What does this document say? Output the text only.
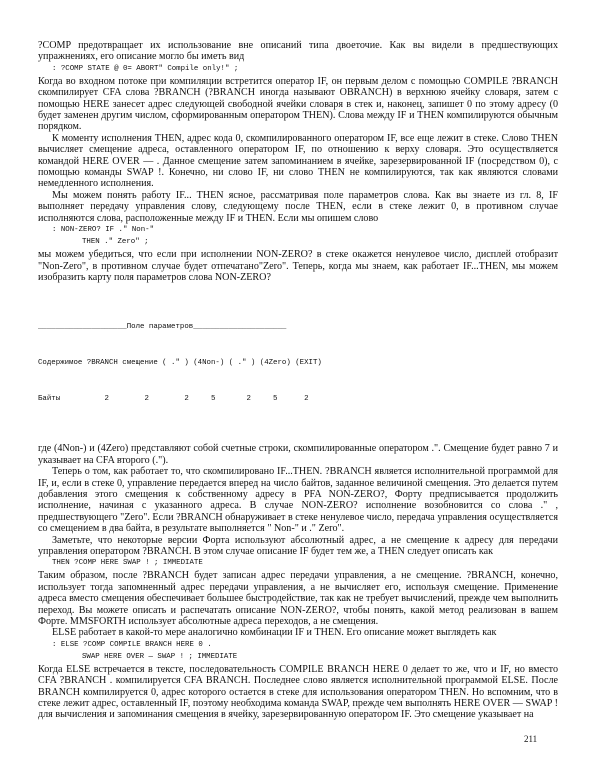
?COMP предотвращает их использование вне описаний типа двоеточие. Как вы видели в предшествующих упражнениях, его описание могло бы иметь вид

: ?COMP STATE @ 0= ABORT" Compile only!" ;

Когда во входном потоке при компиляции встретится оператор IF, он первым делом с помощью COMPILE ?BRANCH скомпилирует CFA слова ?BRANCH (?BRANCH иногда называют OBRANCH) в верхнюю ячейку словаря, затем с помощью HERE занесет адрес следующей свободной ячейки словаря в стек и, наконец, запишет 0 по этому адресу (0 будет заменен другим числом, сформированным оператором THEN). Слова между IF и THEN компилируются обычным порядком.

К моменту исполнения THEN, адрес кода 0, скомпилированного оператором IF, все еще лежит в стеке. Слово THEN вычисляет смещение адреса, оставленного оператором IF, по отношению к верху словаря. Это осуществляется командой HERE OVER — . Данное смещение затем запоминанием в ячейке, зарезервированной IF (посредством 0), с помощью команды SWAP !. Конечно, ни слово IF, ни слово THEN не компилируются, так как являются словами немедленного исполнения.

Мы можем понять работу IF... THEN ясное, рассматривая поле параметров слова. Как вы знаете из гл. 8, IF выполняет передачу управления слову, следующему после THEN, если в стеке лежит 0, в противном случае исполняются слова, расположенные между IF и THEN. Если мы опишем слово

: NON-ZERO? IF ." Non-"
THEN ." Zero" ;

мы можем убедиться, что если при исполнении NON-ZERO? в стеке окажется ненулевое число, дисплей отобразит "Non-Zero", в противном случае будет отпечатано"Zero". Теперь, когда мы знаем, как работает IF...THEN, мы можем изобразить карту поля параметров слова NON-ZERO?

____________________Поле параметров_____________________

Содержимое ?BRANCH смещение ( ." ) (4Non-) ( ." ) (4Zero) (EXIT)

Байты          2        2        2     5       2     5      2

где (4Non-) и (4Zero) представляют собой счетные строки, скомпилированные оператором .". Смещение будет равно 7 и указывает на CFA второго (.").

Теперь о том, как работает то, что скомпилировано IF...THEN. ?BRANCH является исполнительной программой для IF, и, если в стеке 0, управление передается вперед на число байтов, заданное величиной смещения. Это делается путем добавления этого смещения к собственному адресу в PFA NON-ZERO?, Форту предписывается продолжить исполнение, начиная с указанного адреса. В случае NON-ZERO? исполнение возобновится со слова ." , предшествующего "Zero". Если ?BRANCH обнаруживает в стеке ненулевое число, передача управления осуществляется со смещением в два байта, в результате выполняется " Non-" и ." Zero".

Заметьте, что некоторые версии Форта используют абсолютный адрес, а не смещение к адресу для передачи управления оператором ?BRANCH. В этом случае описание IF будет тем же, а THEN следует описать как

THEN ?COMP HERE SWAP ! ; IMMEDIATE

Таким образом, после ?BRANCH будет записан адрес передачи управления, а не смещение. ?BRANCH, конечно, использует тогда запомненный адрес передачи управления, а не вычисляет его, используя смещение. Применение адреса вместо смещения обеспечивает большее быстродействие, так как не требует вычислений, прежде чем выполнить переход. Вы можете описать и распечатать описание NON-ZERO?, чтобы понять, какой метод реализован в вашем Форте. MMSFORTH использует абсолютные адреса переходов, а не смещения.

ELSE работает в какой-то мере аналогично комбинации IF и THEN. Его описание может выглядеть как

: ELSE ?COMP COMPILE BRANCH HERE 0 .
SWAP HERE OVER — SWAP ! ; IMMEDIATE

Когда ELSE встречается в тексте, последовательность COMPILE BRANCH HERE 0 делает то же, что и IF, но вместо CFA ?BRANCH . компилируется CFA BRANCH. Последнее слово является исполнительной программой ELSE. После BRANCH компилируется 0, адрес которого остается в стеке для использования оператором THEN. Но вспомним, что в стеке лежит адрес, оставленный IF, поэтому необходима команда SWAP, прежде чем выполнять HERE OVER — SWAP ! для вычисления и запоминания смещения в ячейку, зарезервированную оператором IF. Это смещение указывает на

211
